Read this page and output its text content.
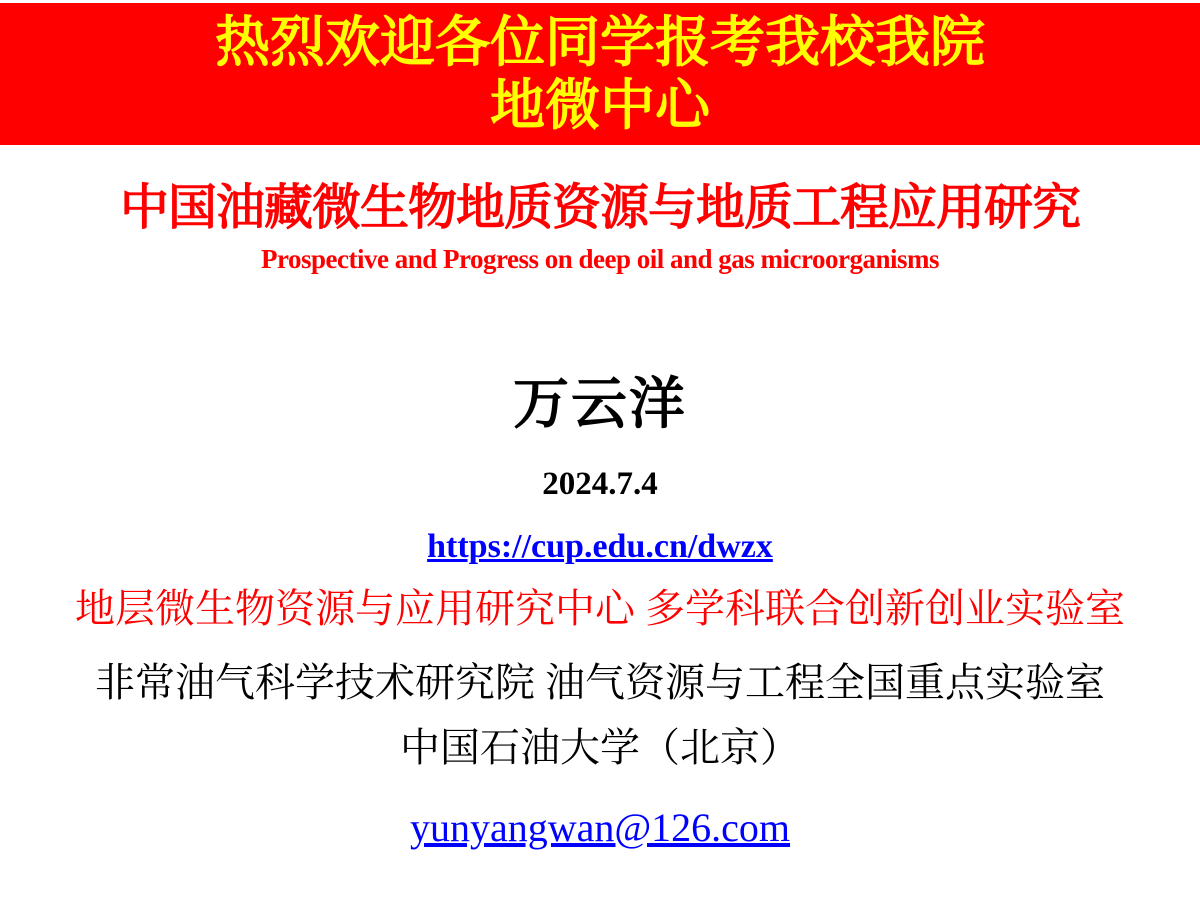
热烈欢迎各位同学报考我校我院
地微中心
中国油藏微生物地质资源与地质工程应用研究
Prospective and Progress on deep oil and gas microorganisms
万云洋
2024.7.4
https://cup.edu.cn/dwzx
地层微生物资源与应用研究中心 多学科联合创新创业实验室
非常油气科学技术研究院 油气资源与工程全国重点实验室
中国石油大学（北京）
yunyangwan@126.com
